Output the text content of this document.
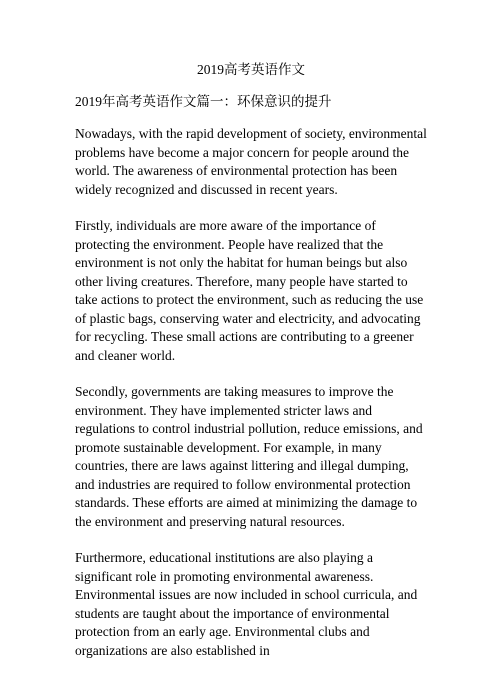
2019高考英语作文
2019年高考英语作文篇一：环保意识的提升

Nowadays, with the rapid development of society, environmental problems have become a major concern for people around the world. The awareness of environmental protection has been widely recognized and discussed in recent years.

Firstly, individuals are more aware of the importance of protecting the environment. People have realized that the environment is not only the habitat for human beings but also other living creatures. Therefore, many people have started to take actions to protect the environment, such as reducing the use of plastic bags, conserving water and electricity, and advocating for recycling. These small actions are contributing to a greener and cleaner world.

Secondly, governments are taking measures to improve the environment. They have implemented stricter laws and regulations to control industrial pollution, reduce emissions, and promote sustainable development. For example, in many countries, there are laws against littering and illegal dumping, and industries are required to follow environmental protection standards. These efforts are aimed at minimizing the damage to the environment and preserving natural resources.

Furthermore, educational institutions are also playing a significant role in promoting environmental awareness. Environmental issues are now included in school curricula, and students are taught about the importance of environmental protection from an early age. Environmental clubs and organizations are also established in
